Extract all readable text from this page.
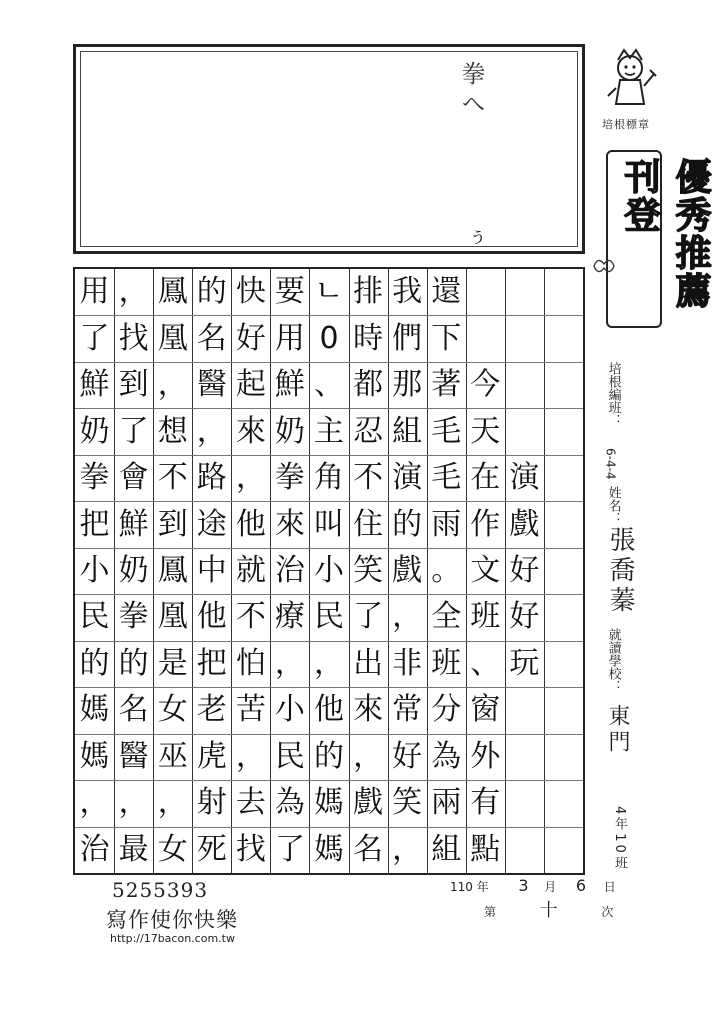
拳へ
ぅ
培根標章
優秀推薦刊登
演
戲
好
好
玩
今
天
在
作
文
班
、
窗
外
有
點
還
下
著
毛
毛
雨
。
全
班
分
為
兩
組
我
們
那
組
演
的
戲
，
非
常
好
笑
，
排
時
都
忍
不
住
笑
了
出
來
，
戲
名
ㄴ
0
、
主
角
叫
小
民
，
他
的
媽
媽
要
用
鮮
奶
拳
來
治
療
，
小
民
為
了
快
好
起
來
，
他
就
不
怕
苦
，
去
找
的
名
醫
，
路
途
中
他
把
老
虎
射
死
鳳
凰
，
想
不
到
鳳
凰
是
女
巫
，
女
，
找
到
了
會
鮮
奶
拳
的
名
醫
，
最
用
了
鮮
奶
拳
把
小
民
的
媽
媽
，
治
培根編班：
6-4-4
姓名：
張喬蓁
就讀學校：
東門
4年10班
110 年 3 月 6 日
第 十	次
5255393
寫作使你快樂
http://17bacon.com.tw
